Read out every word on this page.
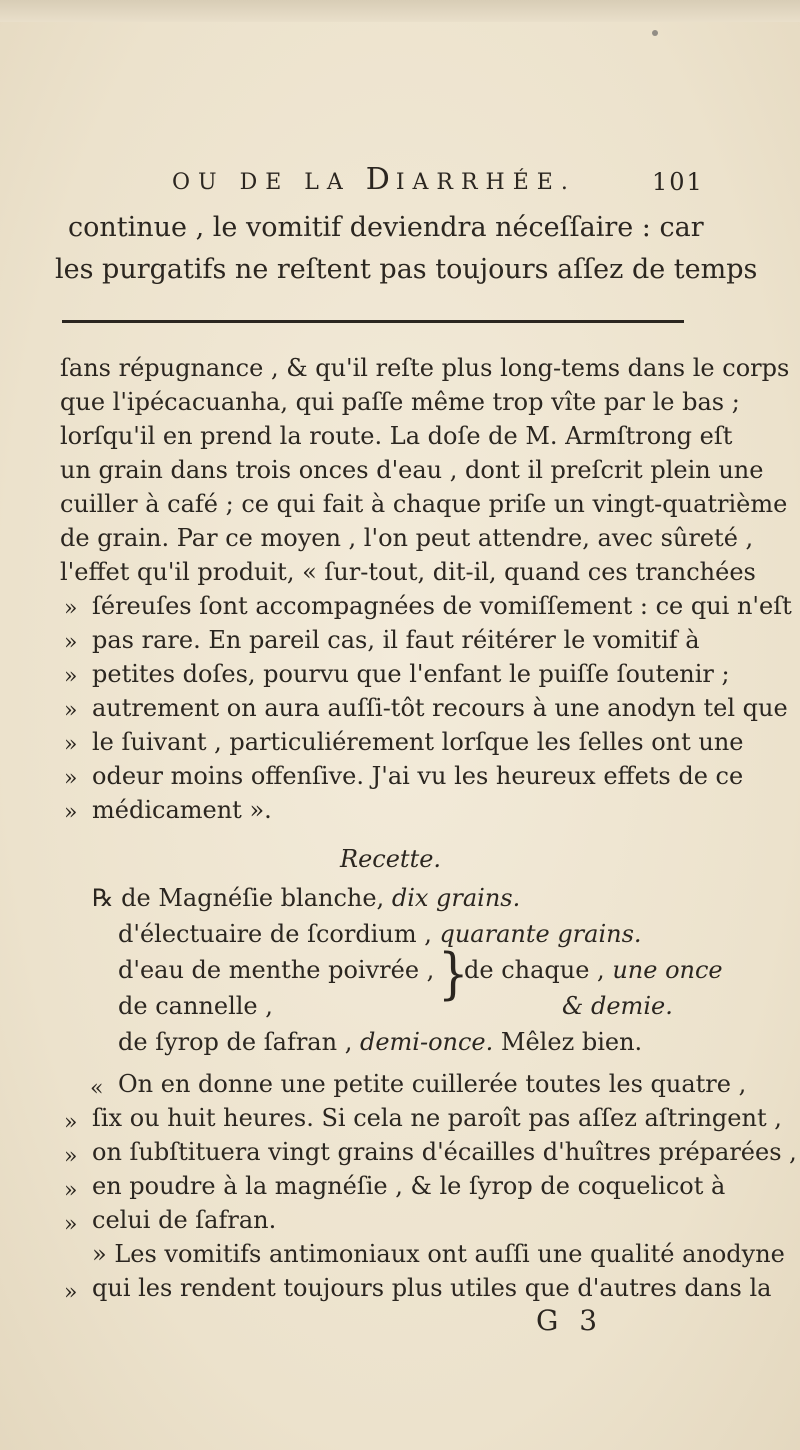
OU DE LA DIARRHÉE.	101
continue , le vomitif deviendra néceſſaire : car
les purgatifs ne reſtent pas toujours aſſez de temps
ſans répugnance , & qu'il reſte plus long-tems dans le corps
que l'ipécacuanha, qui paſſe même trop vîte par le bas ;
lorſqu'il en prend la route. La doſe de M. Armſtrong eſt
un grain dans trois onces d'eau , dont il preſcrit plein une
cuiller à café ; ce qui fait à chaque priſe un vingt-quatrième
de grain. Par ce moyen , l'on peut attendre, avec sûreté ,
l'effet qu'il produit, « ſur-tout, dit-il, quand ces tranchées
» ſéreuſes ſont accompagnées de vomiſſement : ce qui n'eſt
» pas rare. En pareil cas, il faut réitérer le vomitif à
» petites doſes, pourvu que l'enfant le puiſſe ſoutenir ;
» autrement on aura auſſi-tôt recours à une anodyn tel que
» le ſuivant , particuliérement lorſque les ſelles ont une
» odeur moins offenſive. J'ai vu les heureux effets de ce
» médicament ».
Recette.
℞ de Magnéſie blanche, dix grains.
d'électuaire de ſcordium , quarante grains.
d'eau de menthe poivrée , }
de chaque , une once
de cannelle ,	& demie.
de ſyrop de ſafran , demi-once. Mêlez bien.
« On en donne une petite cuillerée toutes les quatre ,
» ſix ou huit heures. Si cela ne paroît pas aſſez aſtringent ,
» on ſubſtituera vingt grains d'écailles d'huîtres préparées ,
» en poudre à la magnéſie , & le ſyrop de coquelicot à
» celui de ſafran.
» Les vomitifs antimoniaux ont auſſi une qualité anodyne
» qui les rendent toujours plus utiles que d'autres dans la
G 3
